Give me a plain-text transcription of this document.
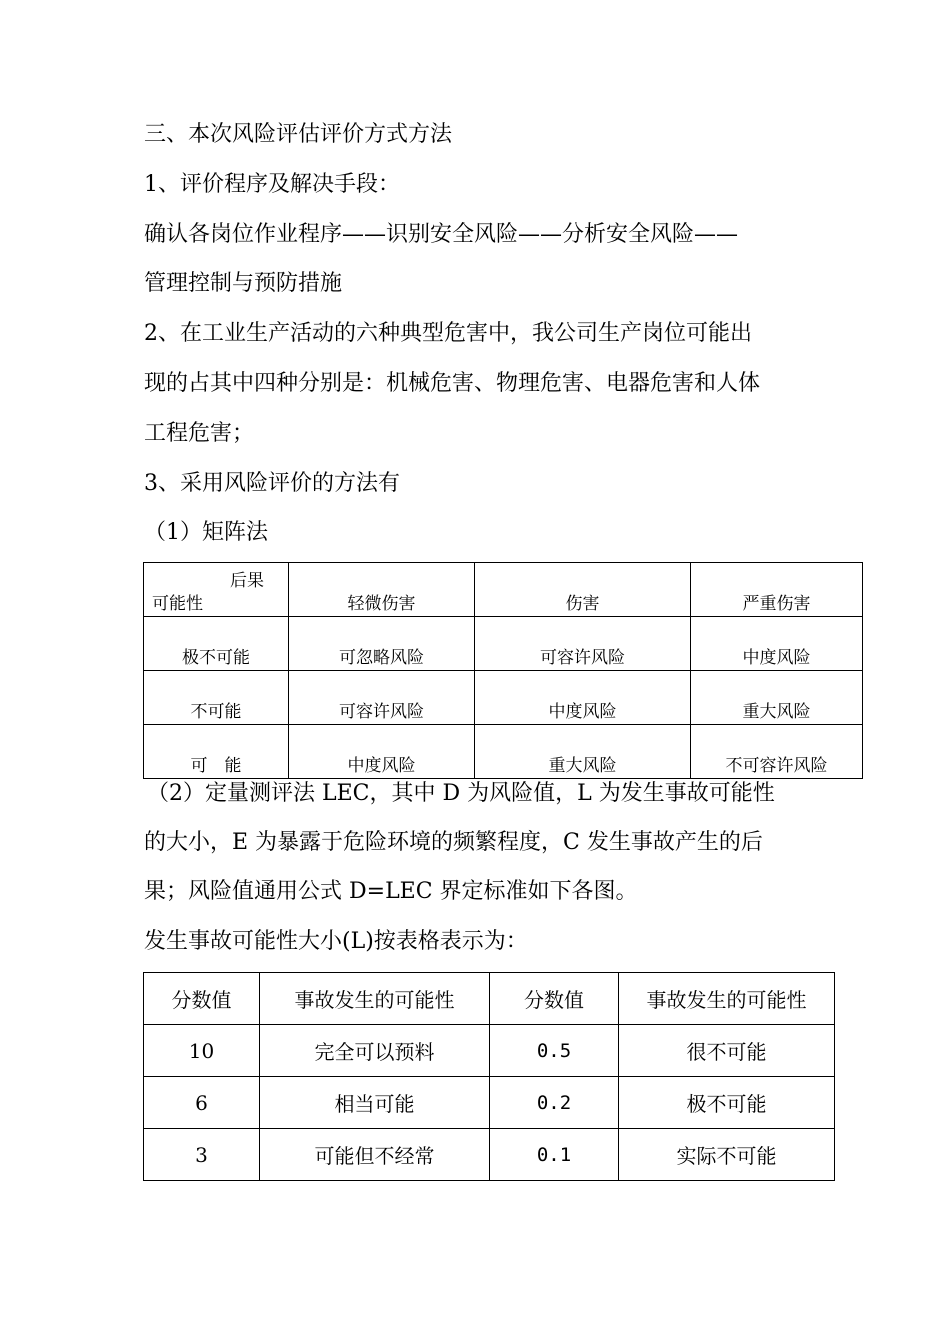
三、本次风险评估评价方式方法
1、评价程序及解决手段：
确认各岗位作业程序——识别安全风险——分析安全风险——
管理控制与预防措施
2、在工业生产活动的六种典型危害中，我公司生产岗位可能出
现的占其中四种分别是：机械危害、物理危害、电器危害和人体
工程危害；
3、采用风险评价的方法有
（1）矩阵法
后果
可能性	轻微伤害	伤害	严重伤害
极不可能	可忽略风险	可容许风险	中度风险
不可能	可容许风险	中度风险	重大风险
可　能	中度风险	重大风险	不可容许风险
（2）定量测评法 LEC，其中 D 为风险值，L 为发生事故可能性
的大小，E 为暴露于危险环境的频繁程度，C 发生事故产生的后
果；风险值通用公式 D=LEC 界定标准如下各图。
发生事故可能性大小(L)按表格表示为：
分数值	事故发生的可能性	分数值	事故发生的可能性
10	完全可以预料	0.5	很不可能
6	相当可能	0.2	极不可能
3	可能但不经常	0.1	实际不可能
